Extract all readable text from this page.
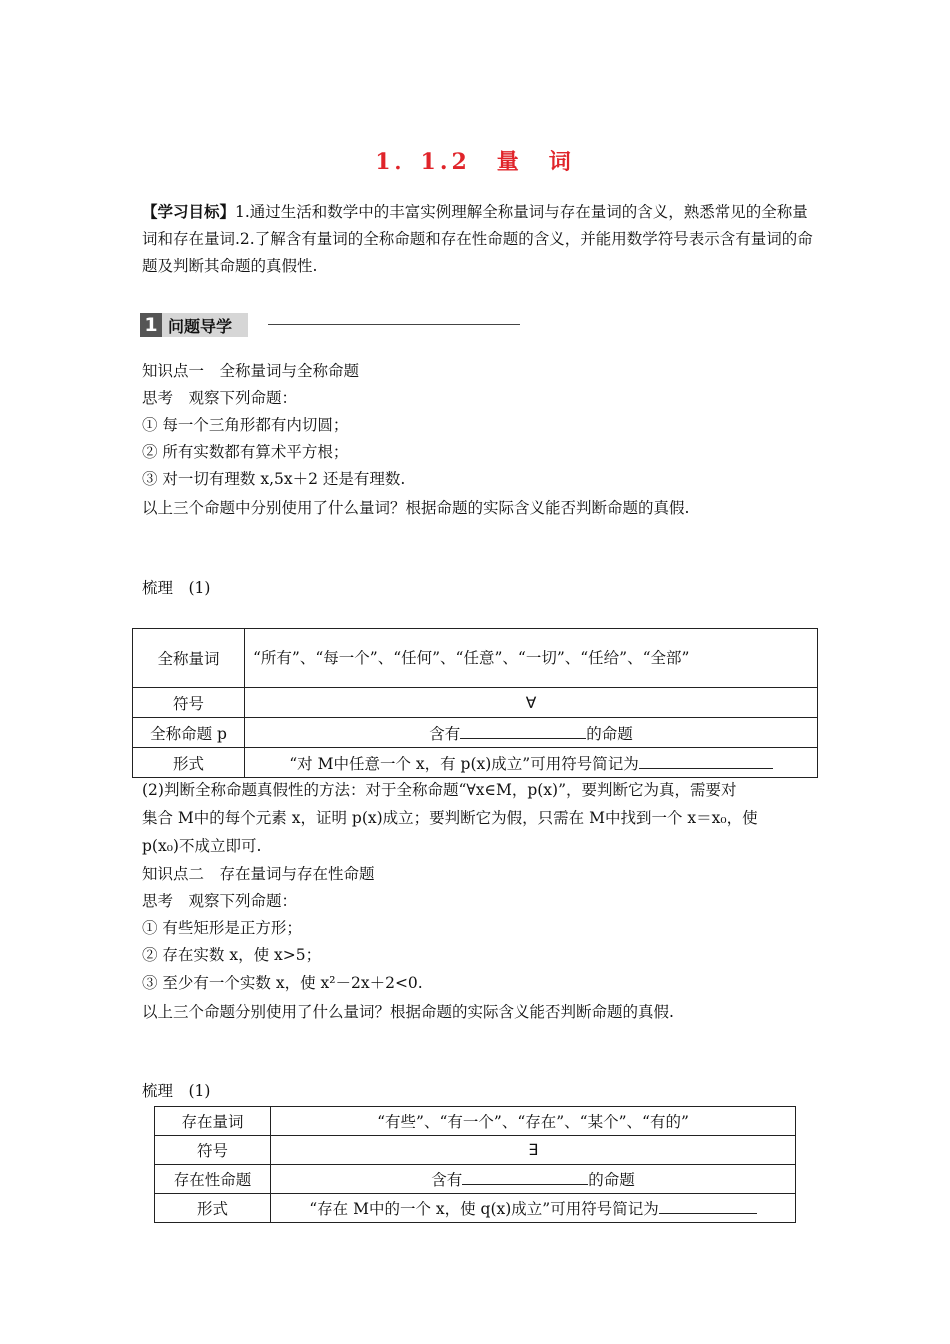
1．1.2　量　词
【学习目标】1.通过生活和数学中的丰富实例理解全称量词与存在量词的含义，熟悉常见的全称量词和存在量词.2.了解含有量词的全称命题和存在性命题的含义，并能用数学符号表示含有量词的命题及判断其命题的真假性.
1 问题导学
知识点一　全称量词与全称命题
思考　观察下列命题：
① 每一个三角形都有内切圆；
② 所有实数都有算术平方根；
③ 对一切有理数 x,5x＋2 还是有理数.
以上三个命题中分别使用了什么量词？根据命题的实际含义能否判断命题的真假.
梳理　(1)
全称量词	“所有”、“每一个”、“任何”、“任意”、“一切”、“任给”、“全部”
符号	∀
全称命题 p	含有 的命题
形式	“对 M中任意一个 x，有 p(x)成立”可用符号简记为
(2)判断全称命题真假性的方法：对于全称命题“∀x∈M，p(x)”，要判断它为真，需要对
集合 M中的每个元素 x，证明 p(x)成立；要判断它为假，只需在 M中找到一个 x＝x₀，使
p(x₀)不成立即可.
知识点二　存在量词与存在性命题
思考　观察下列命题：
① 有些矩形是正方形；
② 存在实数 x，使 x>5；
③ 至少有一个实数 x，使 x²－2x＋2<0.
以上三个命题分别使用了什么量词？根据命题的实际含义能否判断命题的真假.
梳理　(1)
存在量词	“有些”、“有一个”、“存在”、“某个”、“有的”
符号	∃
存在性命题	含有 的命题
形式	“存在 M中的一个 x，使 q(x)成立”可用符号简记为
